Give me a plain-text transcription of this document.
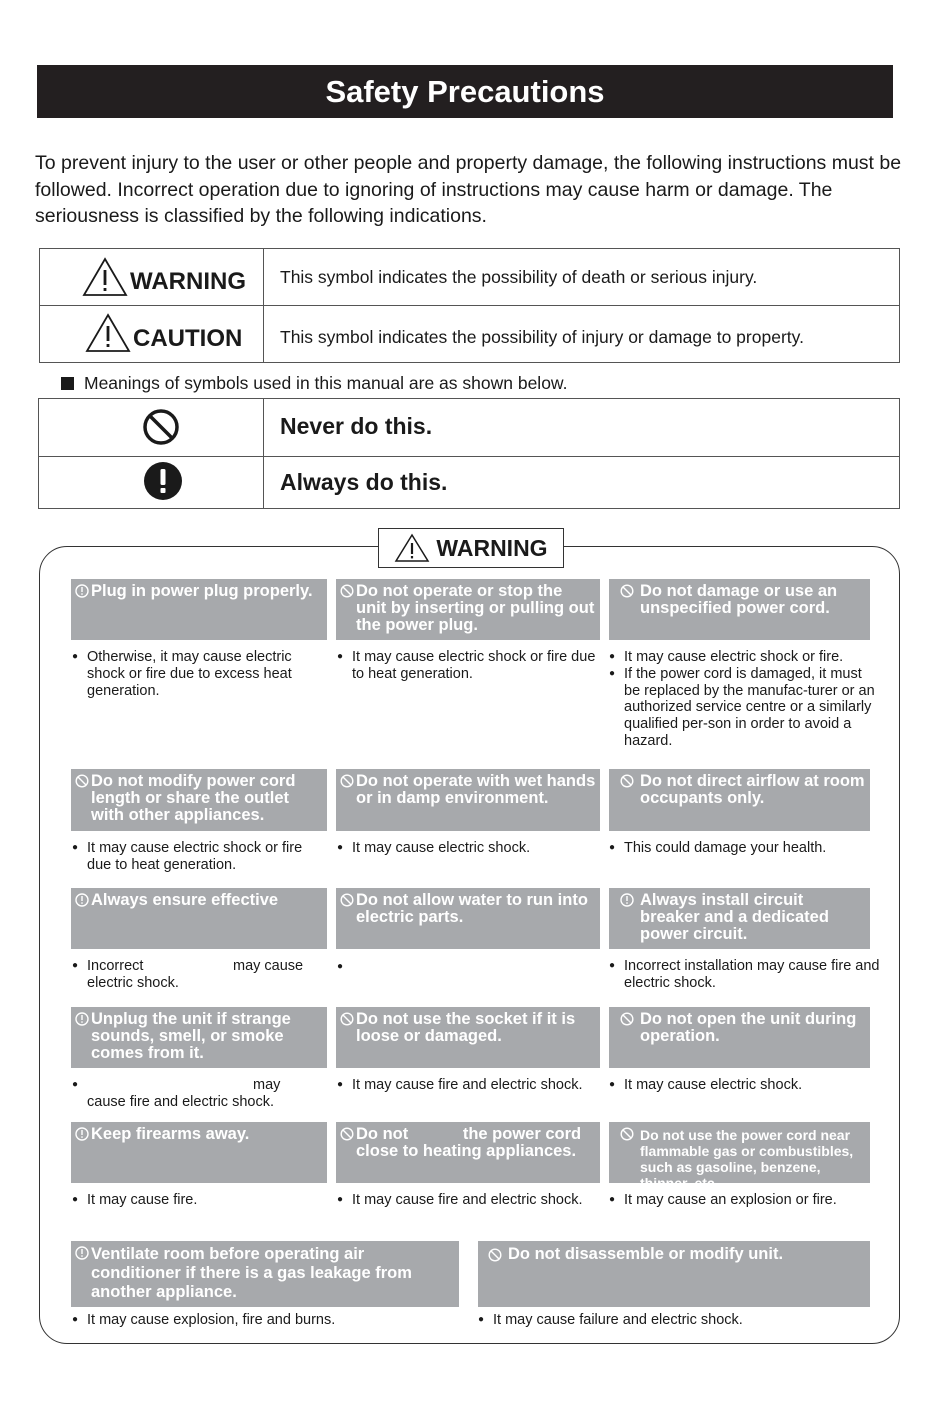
Safety Precautions
To prevent injury to the user or other people and property damage, the following instructions must be followed. Incorrect operation due to ignoring of instructions may cause harm or damage. The seriousness is classified by the following indications.
WARNING This symbol indicates the possibility of death or serious injury.
CAUTION This symbol indicates the possibility of injury or damage to property.
Meanings of symbols used in this manual are as shown below.
Never do this.
Always do this.
WARNING
Plug in power plug properly.
● Otherwise, it may cause electric shock or fire due to excess heat generation.
Do not operate or stop the unit by inserting or pulling out the power plug.
● It may cause electric shock or fire due to heat generation.
Do not damage or use an unspecified power cord.
● It may cause electric shock or fire.
● If the power cord is damaged, it must be replaced by the manufac-turer or an authorized service centre or a similarly qualified per-son in order to avoid a hazard.
Do not modify power cord length or share the outlet with other appliances.
● It may cause electric shock or fire due to heat generation.
Do not operate with wet hands or in damp environment.
● It may cause electric shock.
Do not direct airflow at room occupants only.
● This could damage your health.
Always ensure effective
● Incorrect	may cause
electric shock.
Do not allow water to run into electric parts.
●
Always install circuit breaker and a dedicated power circuit.
● Incorrect installation may cause fire and electric shock.
Unplug the unit if strange sounds, smell, or smoke comes from it.
● may

cause fire and electric shock.
Do not use the socket if it is loose or damaged.
● It may cause fire and electric shock.
Do not open the unit during operation.
● It may cause electric shock.
Keep firearms away.
● It may cause fire.
Do not	the power cord close to heating appliances.
● It may cause fire and electric shock.
Do not use the power cord near flammable gas or combustibles, such as gasoline, benzene, thinner, etc.
● It may cause an explosion or fire.
Ventilate room before operating air conditioner if there is a gas leakage from another appliance.
● It may cause explosion, fire and burns.
Do not disassemble or modify unit.
● It may cause failure and electric shock.
